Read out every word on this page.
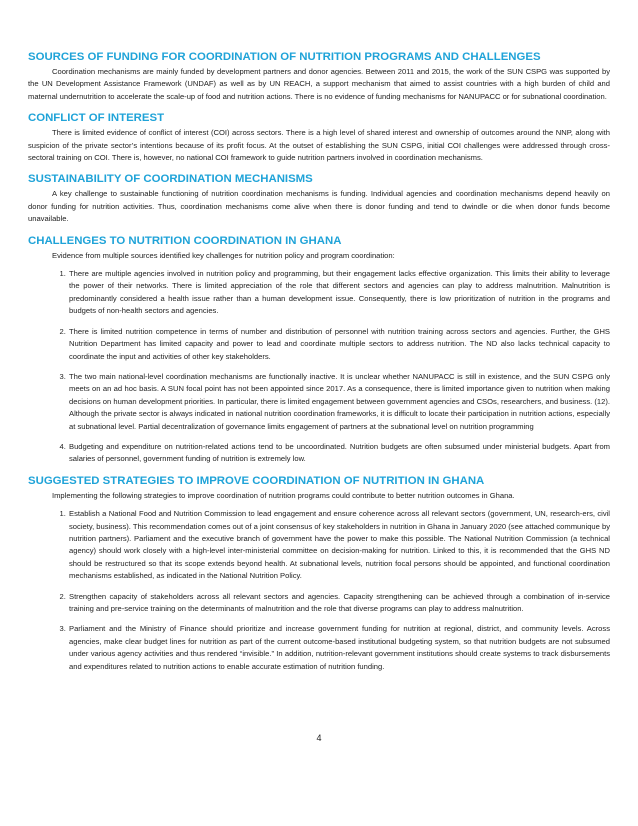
SOURCES OF FUNDING FOR COORDINATION OF NUTRITION PROGRAMS AND CHALLENGES

Coordination mechanisms are mainly funded by development partners and donor agencies. Between 2011 and 2015, the work of the SUN CSPG was supported by the UN Development Assistance Framework (UNDAF) as well as by UN REACH, a support mechanism that aimed to assist countries with a high burden of child and maternal undernutrition to accelerate the scale-up of food and nutrition actions. There is no evidence of funding mechanisms for NANUPACC or for subnational coordination.

CONFLICT OF INTEREST

There is limited evidence of conflict of interest (COI) across sectors. There is a high level of shared interest and ownership of outcomes around the NNP, along with suspicion of the private sector’s intentions because of its profit focus. At the outset of establishing the SUN CSPG, initial COI challenges were addressed through cross-sectoral training on COI. There is, however, no national COI framework to guide nutrition partners involved in coordination mechanisms.

SUSTAINABILITY OF COORDINATION MECHANISMS

A key challenge to sustainable functioning of nutrition coordination mechanisms is funding. Individual agencies and coordination mechanisms depend heavily on donor funding for nutrition activities. Thus, coordination mechanisms come alive when there is donor funding and tend to dwindle or die when donor funds become unavailable.

CHALLENGES TO NUTRITION COORDINATION IN GHANA

Evidence from multiple sources identified key challenges for nutrition policy and program coordination:

1. There are multiple agencies involved in nutrition policy and programming, but their engagement lacks effective organization. This limits their ability to leverage the power of their networks. There is limited appreciation of the role that different sectors and agencies can play to address malnutrition. Malnutrition is predominantly considered a health issue rather than a human development issue. Consequently, there is low prioritization of nutrition in the programs and budgets of non-health sectors and agencies.
2. There is limited nutrition competence in terms of number and distribution of personnel with nutrition training across sectors and agencies. Further, the GHS Nutrition Department has limited capacity and power to lead and coordinate multiple sectors to address nutrition. The ND also lacks technical capacity to coordinate the input and activities of other key stakeholders.
3. The two main national-level coordination mechanisms are functionally inactive. It is unclear whether NANUPACC is still in existence, and the SUN CSPG only meets on an ad hoc basis. A SUN focal point has not been appointed since 2017. As a consequence, there is limited importance given to nutrition when making decisions on human development priorities. In particular, there is limited engagement between government agencies and CSOs, researchers, and business. (12). Although the private sector is always indicated in national nutrition coordination frameworks, it is difficult to locate their participation in nutrition actions, especially at subnational level. Partial decentralization of governance limits engagement of partners at the subnational level on nutrition programming
4. Budgeting and expenditure on nutrition-related actions tend to be uncoordinated. Nutrition budgets are often subsumed under ministerial budgets. Apart from salaries of personnel, government funding of nutrition is extremely low.
SUGGESTED STRATEGIES TO IMPROVE COORDINATION OF NUTRITION IN GHANA

Implementing the following strategies to improve coordination of nutrition programs could contribute to better nutrition outcomes in Ghana.

1. Establish a National Food and Nutrition Commission to lead engagement and ensure coherence across all relevant sectors (government, UN, research-ers, civil society, business). This recommendation comes out of a joint consensus of key stakeholders in nutrition in Ghana in January 2020 (see attached communique by nutrition partners). Parliament and the executive branch of government have the power to make this possible. The National Nutrition Commission (a technical agency) should work closely with a high-level inter-ministerial committee on decision-making for nutrition. Linked to this, it is recommended that the GHS ND should be restructured so that its scope extends beyond health. At subnational levels, nutrition focal persons should be appointed, and functional coordination mechanisms established, as indicated in the National Nutrition Policy.
2. Strengthen capacity of stakeholders across all relevant sectors and agencies. Capacity strengthening can be achieved through a combination of in-service training and pre-service training on the determinants of malnutrition and the role that diverse programs can play to address malnutrition.
3. Parliament and the Ministry of Finance should prioritize and increase government funding for nutrition at regional, district, and community levels. Across agencies, make clear budget lines for nutrition as part of the current outcome-based institutional budgeting system, so that nutrition budgets are not subsumed under various agency activities and thus rendered “invisible.” In addition, nutrition-relevant government institutions should create systems to track disbursements and expenditures related to nutrition actions to enable accurate estimation of nutrition funding.
4
